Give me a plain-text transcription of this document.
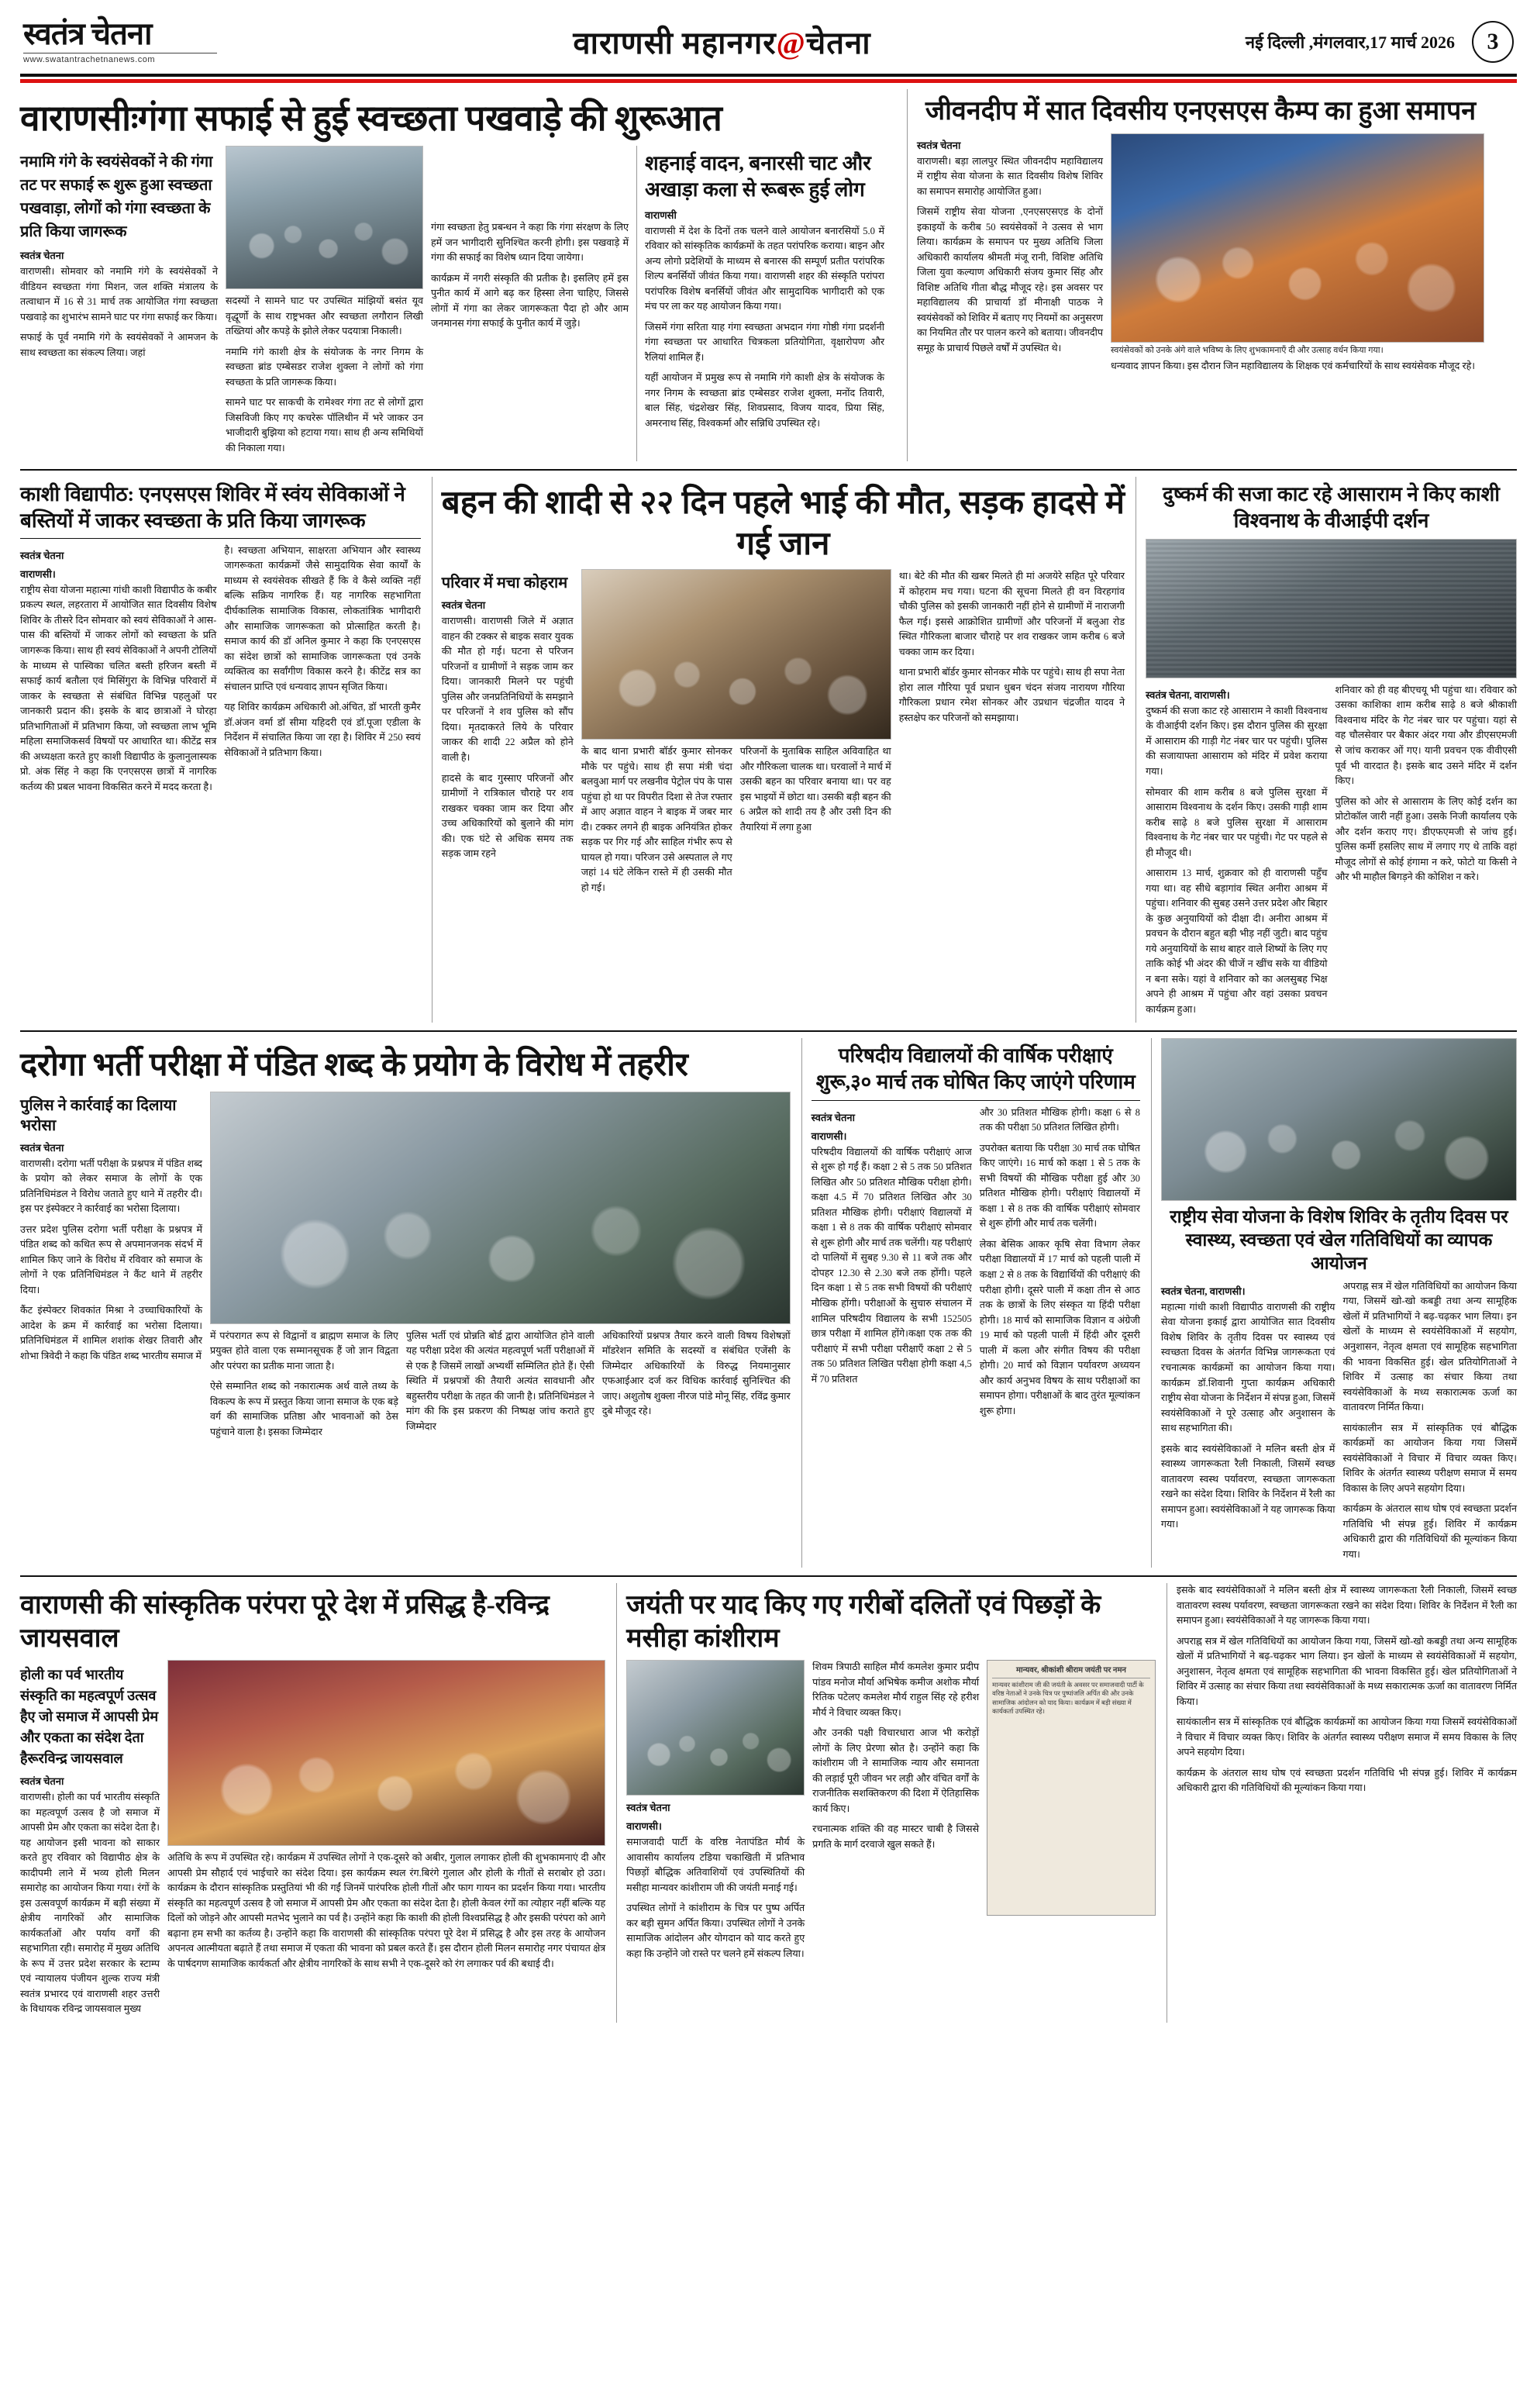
स्वतंत्र चेतना
www.swatantrachetnanews.com	वाराणसी महानगर@चेतना	नई दिल्ली ,मंगलवार,17 मार्च 2026	3
वाराणसीःगंगा सफाई से हुई स्वच्छता पखवाड़े की शुरूआत
नमामि गंगे के स्वयंसेवकों ने की गंगा तट पर सफाई रू शुरू हुआ स्वच्छता पखवाड़ा, लोगों को गंगा स्वच्छता के प्रति किया जागरूक
स्वतंत्र चेतना

वाराणसी। सोमवार को नमामि गंगे के स्वयंसेवकों ने वीडियन स्वच्छता गंगा मिशन, जल शक्ति मंत्रालय के तत्वाधान में 16 से 31 मार्च तक आयोजित गंगा स्वच्छता पखवाड़े का शुभारंभ सामने घाट पर गंगा सफाई कर किया।

सफाई के पूर्व नमामि गंगे के स्वयंसेवकों ने आमजन के साथ स्वच्छता का संकल्प लिया। जहां

सदस्यों ने सामने घाट पर उपस्थित मांझियों बसंत यूव वृद्धूर्णो के साथ राष्ट्रभक्त और स्वच्छता लगौरान लिखी तख्तियां और कपड़े के झोले लेकर पदयात्रा निकाली।

नमामि गंगे काशी क्षेत्र के संयोजक के नगर निगम के स्वच्छता ब्रांड एम्बेसडर राजेश शुक्ला ने लोगों को गंगा स्वच्छता के प्रति जागरूक किया।

सामने घाट पर साकची के रामेश्वर गंगा तट से लोगों द्वारा जिसविजी किए गए कचरेरू पॉलिथीन में भरे जाकर उन भाजीदारी बुझिया को हटाया गया। साथ ही अन्य समिथियों की निकाला गया।

गंगा स्वच्छता हेतु प्रबन्धन ने कहा कि गंगा संरक्षण के लिए हमें जन भागीदारी सुनिश्चित करनी होगी। इस पखवाड़े में गंगा की सफाई का विशेष ध्यान दिया जायेगा।

कार्यक्रम में नगरी संस्कृति की प्रतीक है। इसलिए हमें इस पुनीत कार्य में आगे बढ़ कर हिस्सा लेना चाहिए, जिससे लोगों में गंगा का लेकर जागरूकता पैदा हो और आम जनमानस गंगा सफाई के पुनीत कार्य में जुड़े।

शहनाई वादन, बनारसी चाट और अखाड़ा कला से रूबरू हुई लोग
वाराणसी

वाराणसी में देश के दिनों तक चलने वाले आयोजन बनारसियों 5.0 में रविवार को सांस्कृतिक कार्यक्रमों के तहत परांपरिक कराया। बाइन और अन्य लोगो प्रदेशियों के माध्यम से बनारस की सम्पूर्ण प्रतीत परांपरिक शिल्प बनर्सियों जीवंत किया गया। वाराणसी शहर की संस्कृति परांपरा परांपरिक विशेष बनर्सियों जीवंत और सामुदायिक भागीदारी को एक मंच पर ला कर यह आयोजन किया गया।

जिसमें गंगा सरिता याह गंगा स्वच्छता अभदान गंगा गोष्ठी गंगा प्रदर्शनी गंगा स्वच्छता पर आधारित चित्रकला प्रतियोगिता, वृक्षारोपण और रैलियां शामिल हैं।

यहीं आयोजन में प्रमुख रूप से नमामि गंगे काशी क्षेत्र के संयोजक के नगर निगम के स्वच्छता ब्रांड एम्बेसडर राजेश शुक्ला, मनोंद तिवारी, बाल सिंह, चंद्रशेखर सिंह, शिवप्रसाद, विजय यादव, प्रिया सिंह, अमरनाथ सिंह, विश्वकर्मा और सन्निधि उपस्थित रहे।

जीवनदीप में सात दिवसीय एनएसएस कैम्प का हुआ समापन
स्वतंत्र चेतना

वाराणसी। बड़ा लालपुर स्थित जीवनदीप महाविद्यालय में राष्ट्रीय सेवा योजना के सात दिवसीय विशेष शिविर का समापन समारोह आयोजित हुआ।

जिसमें राष्ट्रीय सेवा योजना ,एनएसएसएड के दोनों इकाइयों के करीब 50 स्वयंसेवकों ने उत्सव से भाग लिया। कार्यक्रम के समापन पर मुख्य अतिथि जिला अधिकारी कार्यालय श्रीमती मंजू रानी, विशिष्ट अतिथि जिला युवा कल्याण अधिकारी संजय कुमार सिंह और विशिष्ट अतिथि गीता बौद्ध मौजूद रहे। इस अवसर पर महाविद्यालय की प्राचार्या डॉ मीनाक्षी पाठक ने स्वयंसेवकों को शिविर में बताए गए नियमों का अनुसरण का नियमित तौर पर पालन करने को बताया। जीवनदीप समूह के प्राचार्य पिछले वर्षों में उपस्थित थे।	स्वयंसेवकों को उनके अंगे वाले भविष्य के लिए शुभकामनाएँ दी और उत्साह वर्धन किया गया।

धन्यवाद ज्ञापन किया। इस दौरान जिन महाविद्यालय के शिक्षक एवं कर्मचारियों के साथ स्वयंसेवक मौजूद रहे।

काशी विद्यापीठ: एनएसएस शिविर में स्वंय सेविकाओं ने बस्तियों में जाकर स्वच्छता के प्रति किया जागरूक
स्वतंत्र चेतना
वाराणसी।

राष्ट्रीय सेवा योजना महात्मा गांधी काशी विद्यापीठ के कबीर प्रकल्प स्थल, लहरतारा में आयोजित सात दिवसीय विशेष शिविर के तीसरे दिन सोमवार को स्वयं सेविकाओं ने आस-पास की बस्तियों में जाकर लोगों को स्वच्छता के प्रति जागरूक किया। साथ ही स्वयं सेविकाओं ने अपनी टोलियों के माध्यम से पास्विका चलित बस्ती हरिजन बस्ती में सफाई कार्य बतौला एवं मिसिंगुरा के विभिन्न परिवारों में जाकर के स्वच्छता से संबंधित विभिन्न पहलुओं पर जानकारी प्रदान की। इसके के बाद छात्राओं ने घोरहा प्रतिभागिताओं में प्रतिभाग किया, जो स्वच्छता लाभ भूमि महिला समाजिकसर्व विषयों पर आधारित था। कीटेंद्र सत्र की अध्यक्षता करते हुए काशी विद्यापीठ के कुलानुलास्यक प्रो. अंक सिंह ने कहा कि एनएसएस छात्रों में नागरिक कर्तव्य की प्रबल भावना विकसित करने में मदद करता है।

है। स्वच्छता अभियान, साक्षरता अभियान और स्वास्थ्य जागरूकता कार्यक्रमों जैसे सामुदायिक सेवा कार्यों के माध्यम से स्वयंसेवक सीखते हैं कि वे कैसे व्यक्ति नहीं बल्कि सक्रिय नागरिक हैं। यह नागरिक सहभागिता दीर्घकालिक सामाजिक विकास, लोकतांत्रिक भागीदारी और सामाजिक जागरूकता को प्रोत्साहित करती है। समाज कार्य की डॉ अनिल कुमार ने कहा कि एनएसएस का संदेश छात्रों को सामाजिक जागरूकता एवं उनके व्यक्तित्व का सर्वांगीण विकास करने है। कीटेंद्र सत्र का संचालन प्राप्ति एवं धन्यवाद ज्ञापन सृजित किया।

यह शिविर कार्यक्रम अधिकारी ओ.अंचित, डॉ भारती कुमैर डॉ.अंजन वर्मा डॉ सीमा यहिदरी एवं डॉ.पूजा एडीला के निर्देशन में संचालित किया जा रहा है। शिविर में 250 स्वयं सेविकाओं ने प्रतिभाग किया।

बहन की शादी से २२ दिन पहले भाई की मौत, सड़क हादसे में गई जान
परिवार में मचा कोहराम
स्वतंत्र चेतना

वाराणसी। वाराणसी जिले में अज्ञात वाहन की टक्कर से बाइक सवार युवक की मौत हो गई। घटना से परिजन परिजनों व ग्रामीणों ने सड़क जाम कर दिया। जानकारी मिलने पर पहुंची पुलिस और जनप्रतिनिधियों के समझाने पर परिजनों ने शव पुलिस को सौंप दिया। मृतदाकरते लिये के परिवार जाकर की शादी 22 अप्रैल को होने वाली है।

हादसे के बाद गुस्साए परिजनों और ग्रामीणों ने रात्रिकाल चौराहे पर शव राखकर चक्का जाम कर दिया और उच्च अधिकारियों को बुलाने की मांग की। एक घंटे से अधिक समय तक सड़क जाम रहने

के बाद थाना प्रभारी बॉर्डर कुमार सोनकर मौके पर पहुंचे। साथ ही सपा मंत्री चंदा बलवुआ मार्ग पर लखनीव पेट्रोल पंप के पास पहुंचा हो था पर विपरीत दिशा से तेज रफ्तार में आए अज्ञात वाहन ने बाइक में जबर मार दी। टक्कर लगने ही बाइक अनियंत्रित होकर सड़क पर गिर गई और साहिल गंभीर रूप से घायल हो गया। परिजन उसे अस्पताल ले गए जहां 14 घंटे लेकिन रास्ते में ही उसकी मौत हो गई।

परिजनों के मुताबिक साहिल अविवाहित था और गौरिकला चालक था। घरवालों ने मार्च में उसकी बहन का परिवार बनाया था। पर वह इस भाइयों में छोटा था। उसकी बड़ी बहन की 6 अप्रैल को शादी तय है और उसी दिन की तैयारियां में लगा हुआ

था। बेटे की मौत की खबर मिलते ही मां अजयेरे सहित पूरे परिवार में कोहराम मच गया। घटना की सूचना मिलते ही वन विरहगांव चौकी पुलिस को इसकी जानकारी नहीं होने से ग्रामीणों में नाराजगी फैल गई। इससे आक्रोशित ग्रामीणों और परिजनों में बलुआ रोड स्थित गौरिकला बाजार चौराहे पर शव राखकर जाम करीब 6 बजे चक्का जाम कर दिया।

थाना प्रभारी बॉर्डर कुमार सोनकर मौके पर पहुंचे। साथ ही सपा नेता होरा लाल गौरिया पूर्व प्रधान धुबन चंदन संजय नारायण गौरिया गौरिकला प्रधान रमेश सोनकर और उप्रधान चंद्रजीत यादव ने हस्तक्षेप कर परिजनों को समझाया।

दुष्कर्म की सजा काट रहे आसाराम ने किए काशी विश्वनाथ के वीआईपी दर्शन
स्वतंत्र चेतना, वाराणसी।

दुष्कर्म की सजा काट रहे आसाराम ने काशी विश्वनाथ के वीआईपी दर्शन किए। इस दौरान पुलिस की सुरक्षा में आसाराम की गाड़ी गेट नंबर चार पर पहुंची। पुलिस की सजायाफ्ता आसाराम को मंदिर में प्रवेश कराया गया।

सोमवार की शाम करीब 8 बजे पुलिस सुरक्षा में आसाराम विश्वनाथ के दर्शन किए। उसकी गाड़ी शाम करीब साढ़े 8 बजे पुलिस सुरक्षा में आसाराम विश्वनाथ के गेट नंबर चार पर पहुंची। गेट पर पहले से ही मौजूद थी।

आसाराम 13 मार्च, शुक्रवार को ही वाराणसी पहुँच गया था। वह सीधे बड़ागांव स्थित अनीरा आश्रम में पहुंचा। शनिवार की सुबह उसने उत्तर प्रदेश और बिहार के कुछ अनुयायियों को दीक्षा दी। अनीरा आश्रम में प्रवचन के दौरान बहुत बड़ी भीड़ नहीं जुटी। बाद पहुंच गये अनुयायियों के साथ बाहर वाले शिष्यों के लिए गए ताकि कोई भी अंदर की चीजें न खींच सके या वीडियो न बना सके। यहां वे शनिवार को का अलसुबह भिक्ष अपने ही आश्रम में पहुंचा और वहां उसका प्रवचन कार्यक्रम हुआ।

शनिवार को ही वह बीएचयू भी पहुंचा था। रविवार को उसका काशिका शाम करीब साढ़े 8 बजे श्रीकाशी विश्वनाथ मंदिर के गेट नंबर चार पर पहुंचा। यहां से वह चौलसेवार पर बैकार अंदर गया और डीएसएमजी से जांच कराकर ओं गए। यानी प्रवचन एक वीवीएसी पूर्व भी वारदात है। इसके बाद उसने मंदिर में दर्शन किए।

पुलिस को ओर से आसाराम के लिए कोई दर्शन का प्रोटोकॉल जारी नहीं हुआ। उसके निजी कार्यालय एके और दर्शन कराए गए। डीएफएमजी से जांच हुई। पुलिस कर्मी हसलिए साथ में लगाए गए थे ताकि वहां मौजूद लोगों से कोई हंगामा न करे, फोटो या किसी ने और भी माहौल बिगड़ने की कोशिश न करे।

दरोगा भर्ती परीक्षा में पंडित शब्द के प्रयोग के विरोध में तहरीर
पुलिस ने कार्रवाई का दिलाया भरोसा
स्वतंत्र चेतना

वाराणसी। दरोगा भर्ती परीक्षा के प्रश्नपत्र में पंडित शब्द के प्रयोग को लेकर समाज के लोगों के एक प्रतिनिधिमंडल ने विरोध जताते हुए थाने में तहरीर दी। इस पर इंस्पेक्टर ने कार्रवाई का भरोसा दिलाया।

उत्तर प्रदेश पुलिस दरोगा भर्ती परीक्षा के प्रश्नपत्र में पंडित शब्द को कथित रूप से अपमानजनक संदर्भ में शामिल किए जाने के विरोध में रविवार को समाज के लोगों ने एक प्रतिनिधिमंडल ने कैंट थाने में तहरीर दिया।

कैंट इंस्पेक्टर शिवकांत मिश्रा ने उच्चाधिकारियों के आदेश के क्रम में कार्रवाई का भरोसा दिलाया। प्रतिनिधिमंडल में शामिल शशांक शेखर तिवारी और शोभा त्रिवेदी ने कहा कि पंडित शब्द भारतीय समाज में

में परंपरागत रूप से विद्वानों व ब्राह्मण समाज के लिए प्रयुक्त होते वाला एक सम्मानसूचक हैं जो ज्ञान विद्वता और परंपरा का प्रतीक माना जाता है।

ऐसे सम्मानित शब्द को नकारात्मक अर्थ वाले तथ्य के विकल्प के रूप में प्रस्तुत किया जाना समाज के एक बड़े वर्ग की सामाजिक प्रतिष्ठा और भावनाओं को ठेस पहुंचाने वाला है। इसका जिम्मेदार

पुलिस भर्ती एवं प्रोन्नति बोर्ड द्वारा आयोजित होने वाली यह परीक्षा प्रदेश की अत्यंत महत्वपूर्ण भर्ती परीक्षाओं में से एक है जिसमें लाखों अभ्यर्थी सम्मिलित होते हैं। ऐसी स्थिति में प्रश्नपत्रों की तैयारी अत्यंत सावधानी और बहुस्तरीय परीक्षा के तहत की जानी है। प्रतिनिधिमंडल ने मांग की कि इस प्रकरण की निष्पक्ष जांच कराते हुए जिम्मेदार

अधिकारियों प्रश्नपत्र तैयार करने वाली विषय विशेषज्ञों मॉडरेशन समिति के सदस्यों व संबंधित एजेंसी के जिम्मेदार अधिकारियों के विरुद्ध नियमानुसार एफआईआर दर्ज कर विधिक कार्रवाई सुनिश्चित की जाए। अशुतोष शुक्ला नीरज पांडे मोनू सिंह, रविंद्र कुमार दुबे मौजूद रहे।

परिषदीय विद्यालयों की वार्षिक परीक्षाएं शुरू,३० मार्च तक घोषित किए जाएंगे परिणाम
स्वतंत्र चेतना
वाराणसी।

परिषदीय विद्यालयों की वार्षिक परीक्षाएं आज से शुरू हो गईं हैं। कक्षा 2 से 5 तक 50 प्रतिशत लिखित और 50 प्रतिशत मौखिक परीक्षा होगी। कक्षा 4.5 में 70 प्रतिशत लिखित और 30 प्रतिशत मौखिक होगी। परीक्षाएं विद्यालयों में कक्षा 1 से 8 तक की वार्षिक परीक्षाएं सोमवार से शुरू होगी और मार्च तक चलेंगी। यह परीक्षाएं दो पालियों में सुबह 9.30 से 11 बजे तक और दोपहर 12.30 से 2.30 बजे तक होंगी। पहले दिन कक्षा 1 से 5 तक सभी विषयों की परीक्षाएं मौखिक होंगी। परीक्षाओं के सुचारु संचालन में शामिल परिषदीय विद्यालय के सभी 152505 छात्र परीक्षा में शामिल होंगे।कक्षा एक तक की परीक्षाएं में सभी परीक्षा परीक्षाएँ कक्षा 2 से 5 तक 50 प्रतिशत लिखित परीक्षा होगी कक्षा 4,5 में 70 प्रतिशत

और 30 प्रतिशत मौखिक होगी। कक्षा 6 से 8 तक की परीक्षा 50 प्रतिशत लिखित होगी।

उपरोक्त बताया कि परीक्षा 30 मार्च तक घोषित किए जाएंगे। 16 मार्च को कक्षा 1 से 5 तक के सभी विषयों की मौखिक परीक्षा हुई और 30 प्रतिशत मौखिक होगी। परीक्षाएं विद्यालयों में कक्षा 1 से 8 तक की वार्षिक परीक्षाएं सोमवार से शुरू होंगी और मार्च तक चलेंगी।

लेका बेसिक आकर कृषि सेवा विभाग लेकर परीक्षा विद्यालयों में 17 मार्च को पहली पाली में कक्षा 2 से 8 तक के विद्यार्थियों की परीक्षाएं की परीक्षा होगी। दूसरे पाली में कक्षा तीन से आठ तक के छात्रों के लिए संस्कृत या हिंदी परीक्षा होगी। 18 मार्च को सामाजिक विज्ञान व अंग्रेजी 19 मार्च को पहली पाली में हिंदी और दूसरी पाली में कला और संगीत विषय की परीक्षा होगी। 20 मार्च को विज्ञान पर्यावरण अध्ययन और कार्य अनुभव विषय के साथ परीक्षाओं का समापन होगा। परीक्षाओं के बाद तुरंत मूल्यांकन शुरू होगा।

राष्ट्रीय सेवा योजना के विशेष शिविर के तृतीय दिवस पर स्वास्थ्य, स्वच्छता एवं खेल गतिविधियों का व्यापक आयोजन
स्वतंत्र चेतना, वाराणसी।

महात्मा गांधी काशी विद्यापीठ वाराणसी की राष्ट्रीय सेवा योजना इकाई द्वारा आयोजित सात दिवसीय विशेष शिविर के तृतीय दिवस पर स्वास्थ्य एवं स्वच्छता दिवस के अंतर्गत विभिन्न जागरूकता एवं रचनात्मक कार्यक्रमों का आयोजन किया गया। कार्यक्रम डॉ.शिवानी गुप्ता कार्यक्रम अधिकारी राष्ट्रीय सेवा योजना के निर्देशन में संपन्न हुआ, जिसमें स्वयंसेविकाओं ने पूरे उत्साह और अनुशासन के साथ सहभागिता की।

इसके बाद स्वयंसेविकाओं ने मलिन बस्ती क्षेत्र में स्वास्थ्य जागरूकता रैली निकाली, जिसमें स्वच्छ वातावरण स्वस्थ पर्यावरण, स्वच्छता जागरूकता रखने का संदेश दिया। शिविर के निर्देशन में रैली का समापन हुआ। स्वयंसेविकाओं ने यह जागरूक किया गया।

अपराह्न सत्र में खेल गतिविधियों का आयोजन किया गया, जिसमें खो-खो कबड्डी तथा अन्य सामूहिक खेलों में प्रतिभागियों ने बढ़-चढ़कर भाग लिया। इन खेलों के माध्यम से स्वयंसेविकाओं में सहयोग, अनुशासन, नेतृत्व क्षमता एवं सामूहिक सहभागिता की भावना विकसित हुई। खेल प्रतियोगिताओं ने शिविर में उत्साह का संचार किया तथा स्वयंसेविकाओं के मध्य सकारात्मक ऊर्जा का वातावरण निर्मित किया।

सायंकालीन सत्र में सांस्कृतिक एवं बौद्धिक कार्यक्रमों का आयोजन किया गया जिसमें स्वयंसेविकाओं ने विचार में विचार व्यक्त किए। शिविर के अंतर्गत स्वास्थ्य परीक्षण समाज में समय विकास के लिए अपने सहयोग दिया।

कार्यक्रम के अंतराल साथ घोष एवं स्वच्छता प्रदर्शन गतिविधि भी संपन्न हुई। शिविर में कार्यक्रम अधिकारी द्वारा की गतिविधियों की मूल्यांकन किया गया।

वाराणसी की सांस्कृतिक परंपरा पूरे देश में प्रसिद्ध है-रविन्द्र जायसवाल
होली का पर्व भारतीय संस्कृति का महत्वपूर्ण उत्सव हैए जो समाज में आपसी प्रेम और एकता का संदेश देता हैरूरविन्द्र जायसवाल
स्वतंत्र चेतना

वाराणसी। होली का पर्व भारतीय संस्कृति का महत्वपूर्ण उत्सव है जो समाज में आपसी प्रेम और एकता का संदेश देता है। यह आयोजन इसी भावना को साकार करते हुए रविवार को विद्यापीठ क्षेत्र के कादीपमी लाने में भव्य होली मिलन समारोह का आयोजन किया गया। रंगों के इस उत्सवपूर्ण कार्यक्रम में बड़ी संख्या में क्षेत्रीय नागरिकों और सामाजिक कार्यकर्ताओं और पर्याय वर्गों की सहभागिता रही। समारोह में मुख्य अतिथि के रूप में उत्तर प्रदेश सरकार के स्टाम्प एवं न्यायालय पंजीयन शुल्क राज्य मंत्री स्वतंत्र प्रभारद एवं वाराणसी शहर उत्तरी के विधायक रविन्द्र जायसवाल मुख्य

अतिथि के रूप में उपस्थित रहे। कार्यक्रम में उपस्थित लोगों ने एक-दूसरे को अबीर, गुलाल लगाकर होली की शुभकामनाएं दी और आपसी प्रेम सौहार्द एवं भाईचारे का संदेश दिया। इस कार्यक्रम स्थल रंग.बिरंगे गुलाल और होली के गीतों से सराबोर हो उठा। कार्यक्रम के दौरान सांस्कृतिक प्रस्तुतियां भी की गईं जिनमें पारंपरिक होली गीतों और फाग गायन का प्रदर्शन किया गया। भारतीय संस्कृति का महत्वपूर्ण उत्सव है जो समाज में आपसी प्रेम और एकता का संदेश देता है। होली केवल रंगों का त्योहार नहीं बल्कि यह दिलों को जोड़ने और आपसी मतभेद भुलाने का पर्व है। उन्होंने कहा कि काशी की होली विश्वप्रसिद्ध है और इसकी परंपरा को आगे बढ़ाना हम सभी का कर्तव्य है। उन्होंने कहा कि वाराणसी की सांस्कृतिक परंपरा पूरे देश में प्रसिद्ध है और इस तरह के आयोजन अपनत्व आत्मीयता बढ़ाते हैं तथा समाज में एकता की भावना को प्रबल करते हैं। इस दौरान होली मिलन समारोह नगर पंचायत क्षेत्र के पार्षदगण सामाजिक कार्यकर्ता और क्षेत्रीय नागरिकों के साथ सभी ने एक-दूसरे को रंग लगाकर पर्व की बधाई दी।

जयंती पर याद किए गए गरीबों दलितों एवं पिछड़ों के मसीहा कांशीराम
स्वतंत्र चेतना
वाराणसी।

समाजवादी पार्टी के वरिष्ठ नेतापंडित मौर्य के आवासीय कार्यालय टडिया चकाखिती में प्रतिभाव पिछड़ों बौद्धिक अतिवाशियों एवं उपस्थितियों की मसीहा मान्यवर कांशीराम जी की जयंती मनाई गई।

उपस्थित लोगों ने कांशीराम के चित्र पर पुष्प अर्पित कर बड़ी सुमन अर्पित किया। उपस्थित लोगों ने उनके सामाजिक आंदोलन और योगदान को याद करते हुए कहा कि उन्होंने जो रास्ते पर चलने हमें संकल्प लिया।

शिवम त्रिपाठी साहिल मौर्य कमलेश कुमार प्रदीप पांडव मनोज मौर्या अभिषेक कमीज अशोक मौर्या रितिक पटेलए कमलेश मौर्य राहुल सिंह रहे हरीश मौर्य ने विचार व्यक्त किए।

और उनकी पक्षी विचारधारा आज भी करोड़ों लोगों के लिए प्रेरणा स्रोत है। उन्होंने कहा कि कांशीराम जी ने सामाजिक न्याय और समानता की लड़ाई पूरी जीवन भर लड़ी और वंचित वर्गों के राजनीतिक सशक्तिकरण की दिशा में ऐतिहासिक कार्य किए।

रचनात्मक शक्ति की वह मास्टर चाबी है जिससे प्रगति के मार्ग दरवाजे खुल सकते हैं।

मान्यवर, श्रीकांशी श्रीराम जयंती पर नमन
मान्यवर कांशीराम जी की जयंती के अवसर पर समाजवादी पार्टी के वरिष्ठ नेताओं ने उनके चित्र पर पुष्पांजलि अर्पित की और उनके सामाजिक आंदोलन को याद किया। कार्यक्रम में बड़ी संख्या में कार्यकर्ता उपस्थित रहे।

इसके बाद स्वयंसेविकाओं ने मलिन बस्ती क्षेत्र में स्वास्थ्य जागरूकता रैली निकाली, जिसमें स्वच्छ वातावरण स्वस्थ पर्यावरण, स्वच्छता जागरूकता रखने का संदेश दिया। शिविर के निर्देशन में रैली का समापन हुआ। स्वयंसेविकाओं ने यह जागरूक किया गया।

अपराह्न सत्र में खेल गतिविधियों का आयोजन किया गया, जिसमें खो-खो कबड्डी तथा अन्य सामूहिक खेलों में प्रतिभागियों ने बढ़-चढ़कर भाग लिया। इन खेलों के माध्यम से स्वयंसेविकाओं में सहयोग, अनुशासन, नेतृत्व क्षमता एवं सामूहिक सहभागिता की भावना विकसित हुई। खेल प्रतियोगिताओं ने शिविर में उत्साह का संचार किया तथा स्वयंसेविकाओं के मध्य सकारात्मक ऊर्जा का वातावरण निर्मित किया।

सायंकालीन सत्र में सांस्कृतिक एवं बौद्धिक कार्यक्रमों का आयोजन किया गया जिसमें स्वयंसेविकाओं ने विचार में विचार व्यक्त किए। शिविर के अंतर्गत स्वास्थ्य परीक्षण समाज में समय विकास के लिए अपने सहयोग दिया।

कार्यक्रम के अंतराल साथ घोष एवं स्वच्छता प्रदर्शन गतिविधि भी संपन्न हुई। शिविर में कार्यक्रम अधिकारी द्वारा की गतिविधियों की मूल्यांकन किया गया।
